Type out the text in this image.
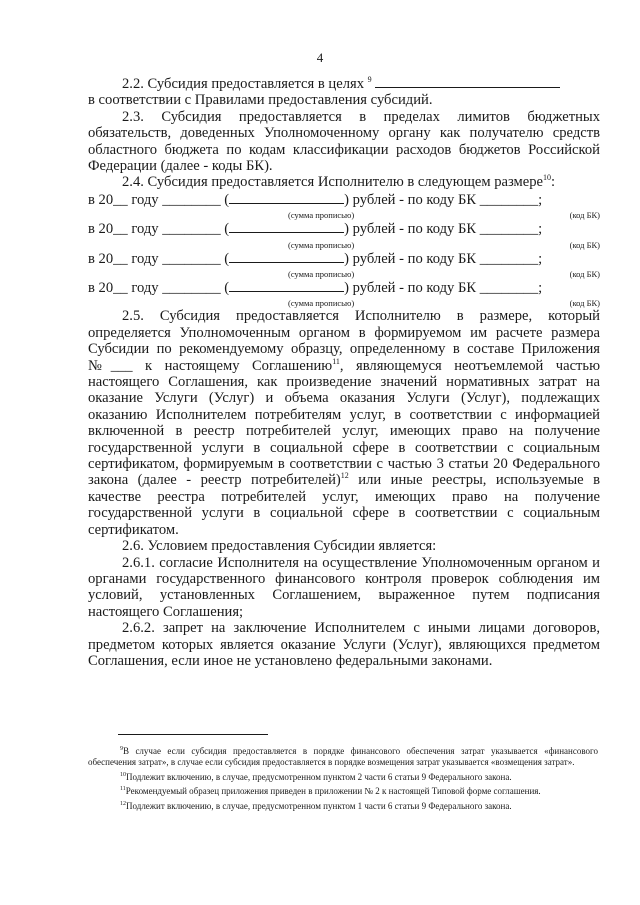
4

2.2. Субсидия предоставляется в целях $^9$

в соответствии с Правилами предоставления субсидий.

2.3. Субсидия предоставляется в пределах лимитов бюджетных обязательств, доведенных Уполномоченному органу как получателю средств областного бюджета по кодам классификации расходов бюджетов Российской Федерации (далее - коды БК).

2.4. Субсидия предоставляется Исполнителю в следующем размере$^{10}$:

в 20__ году ________ (	) рублей - по коду БК ________;
(сумма прописью)	(код БК)
в 20__ году ________ (	) рублей - по коду БК ________;
(сумма прописью)	(код БК)
в 20__ году ________ (	) рублей - по коду БК ________;
(сумма прописью)	(код БК)
в 20__ году ________ (	) рублей - по коду БК ________;
(сумма прописью)	(код БК)

2.5. Субсидия предоставляется Исполнителю в размере, который определяется Уполномоченным органом в формируемом им расчете размера Субсидии по рекомендуемому образцу, определенному в составе Приложения №___ к настоящему Соглашению$^{11}$, являющемуся неотъемлемой частью настоящего Соглашения, как произведение значений нормативных затрат на оказание Услуги (Услуг) и объема оказания Услуги (Услуг), подлежащих оказанию Исполнителем потребителям услуг, в соответствии с информацией включенной в реестр потребителей услуг, имеющих право на получение государственной услуги в социальной сфере в соответствии с социальным сертификатом, формируемым в соответствии с частью 3 статьи 20 Федерального закона (далее - реестр потребителей)$^{12}$ или иные реестры, используемые в качестве реестра потребителей услуг, имеющих право на получение государственной услуги в социальной сфере в соответствии с социальным сертификатом.

2.6. Условием предоставления Субсидии является:

2.6.1. согласие Исполнителя на осуществление Уполномоченным органом и органами государственного финансового контроля проверок соблюдения им условий, установленных Соглашением, выраженное путем подписания настоящего Соглашения;

2.6.2. запрет на заключение Исполнителем с иными лицами договоров, предметом которых является оказание Услуги (Услуг), являющихся предметом Соглашения, если иное не установлено федеральными законами.

$^9$В случае если субсидия предоставляется в порядке финансового обеспечения затрат указывается «финансового обеспечения затрат», в случае если субсидия предоставляется в порядке возмещения затрат указывается «возмещения затрат».

$^{10}$Подлежит включению, в случае, предусмотренном пунктом 2 части 6 статьи 9 Федерального закона.

$^{11}$Рекомендуемый образец приложения приведен в приложении № 2 к настоящей Типовой форме соглашения.

$^{12}$Подлежит включению, в случае, предусмотренном пунктом 1 части 6 статьи 9 Федерального закона.
